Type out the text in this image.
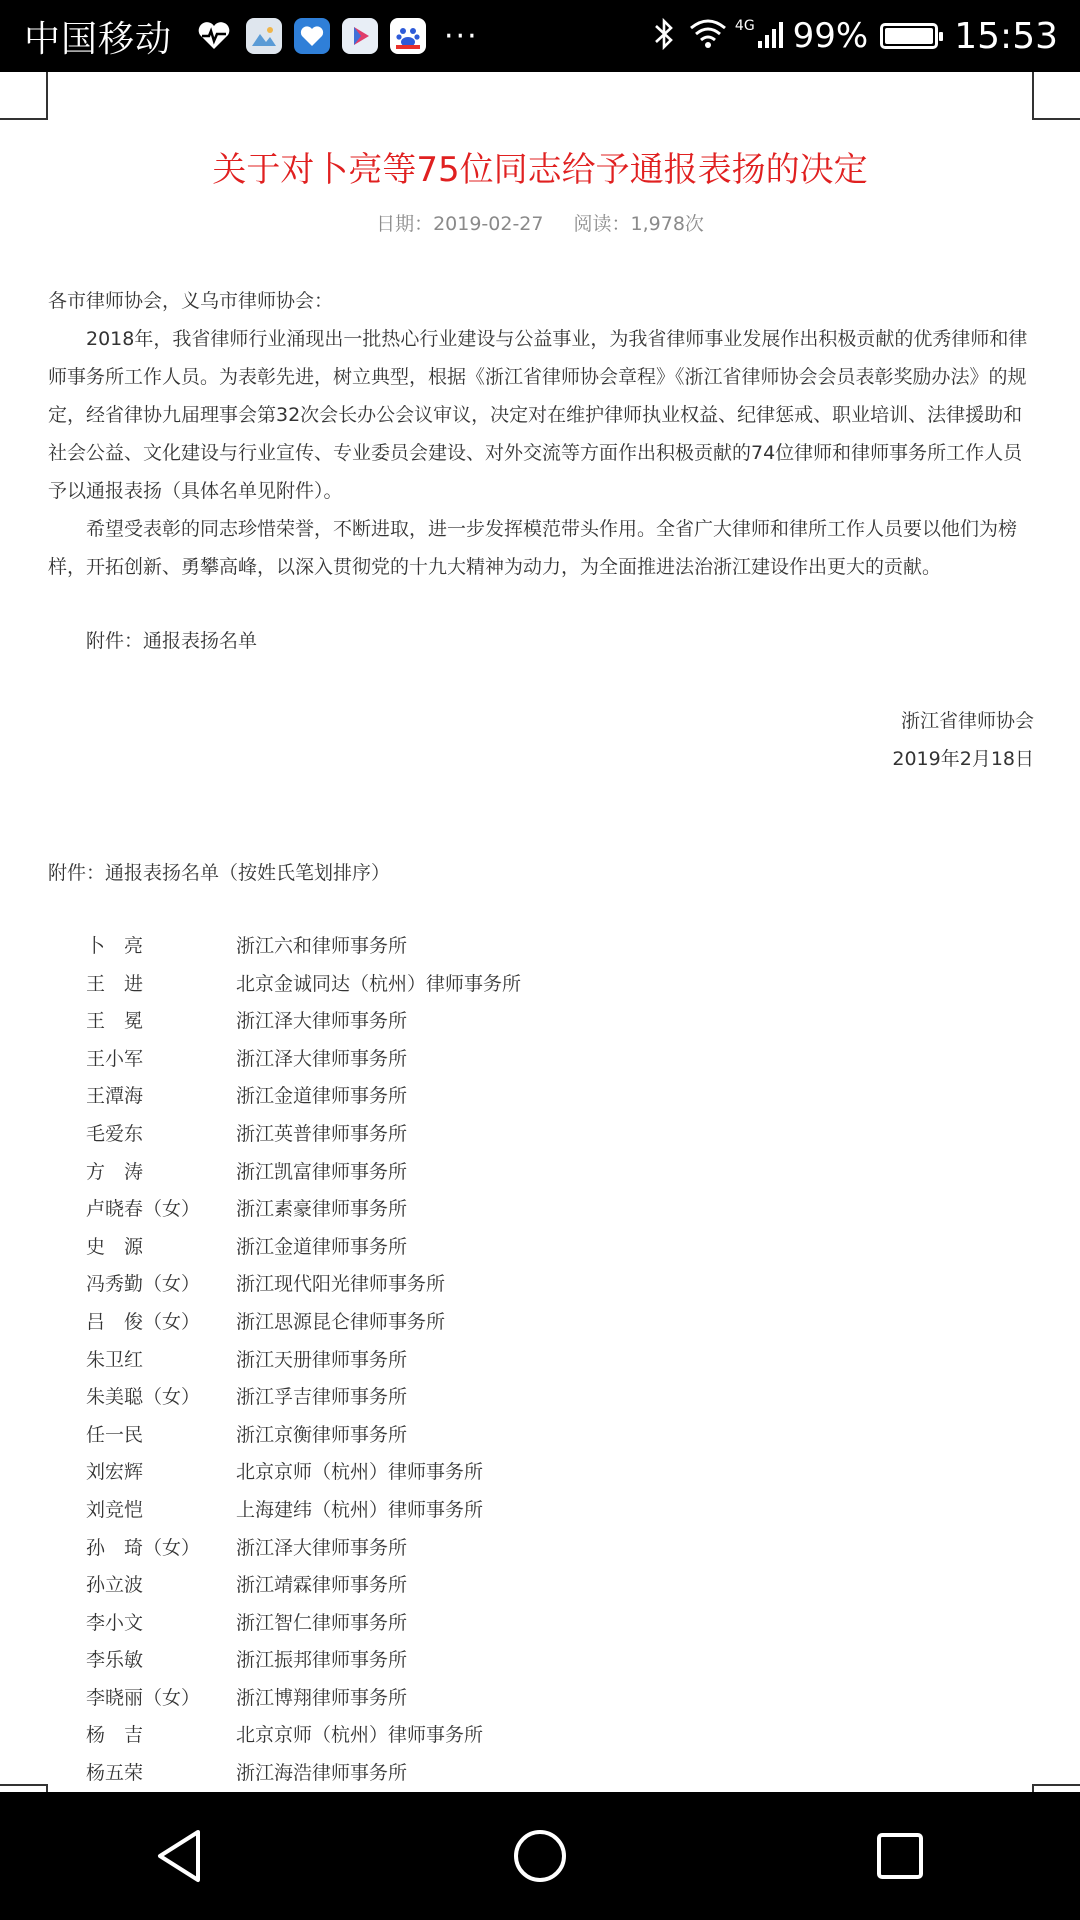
中国移动	···	4G 99% 15:53
关于对卜亮等75位同志给予通报表扬的决定
日期：2019-02-27 阅读：1,978次

各市律师协会，义乌市律师协会：

2018年，我省律师行业涌现出一批热心行业建设与公益事业，为我省律师事业发展作出积极贡献的优秀律师和律师事务所工作人员。为表彰先进，树立典型，根据《浙江省律师协会章程》《浙江省律师协会会员表彰奖励办法》的规定，经省律协九届理事会第32次会长办公会议审议，决定对在维护律师执业权益、纪律惩戒、职业培训、法律援助和社会公益、文化建设与行业宣传、专业委员会建设、对外交流等方面作出积极贡献的74位律师和律师事务所工作人员予以通报表扬（具体名单见附件）。

希望受表彰的同志珍惜荣誉，不断进取，进一步发挥模范带头作用。全省广大律师和律所工作人员要以他们为榜样，开拓创新、勇攀高峰，以深入贯彻党的十九大精神为动力，为全面推进法治浙江建设作出更大的贡献。

附件：通报表扬名单
浙江省律师协会
2019年2月18日
附件：通报表扬名单（按姓氏笔划排序）
卜　亮	浙江六和律师事务所
王　进	北京金诚同达（杭州）律师事务所
王　冕	浙江泽大律师事务所
王小军	浙江泽大律师事务所
王潭海	浙江金道律师事务所
毛爱东	浙江英普律师事务所
方　涛	浙江凯富律师事务所
卢晓春（女）	浙江素豪律师事务所
史　源	浙江金道律师事务所
冯秀勤（女）	浙江现代阳光律师事务所
吕　俊（女）	浙江思源昆仑律师事务所
朱卫红	浙江天册律师事务所
朱美聪（女）	浙江孚吉律师事务所
任一民	浙江京衡律师事务所
刘宏辉	北京京师（杭州）律师事务所
刘竞恺	上海建纬（杭州）律师事务所
孙　琦（女）	浙江泽大律师事务所
孙立波	浙江靖霖律师事务所
李小文	浙江智仁律师事务所
李乐敏	浙江振邦律师事务所
李晓丽（女）	浙江博翔律师事务所
杨　吉	北京京师（杭州）律师事务所
杨五荣	浙江海浩律师事务所
